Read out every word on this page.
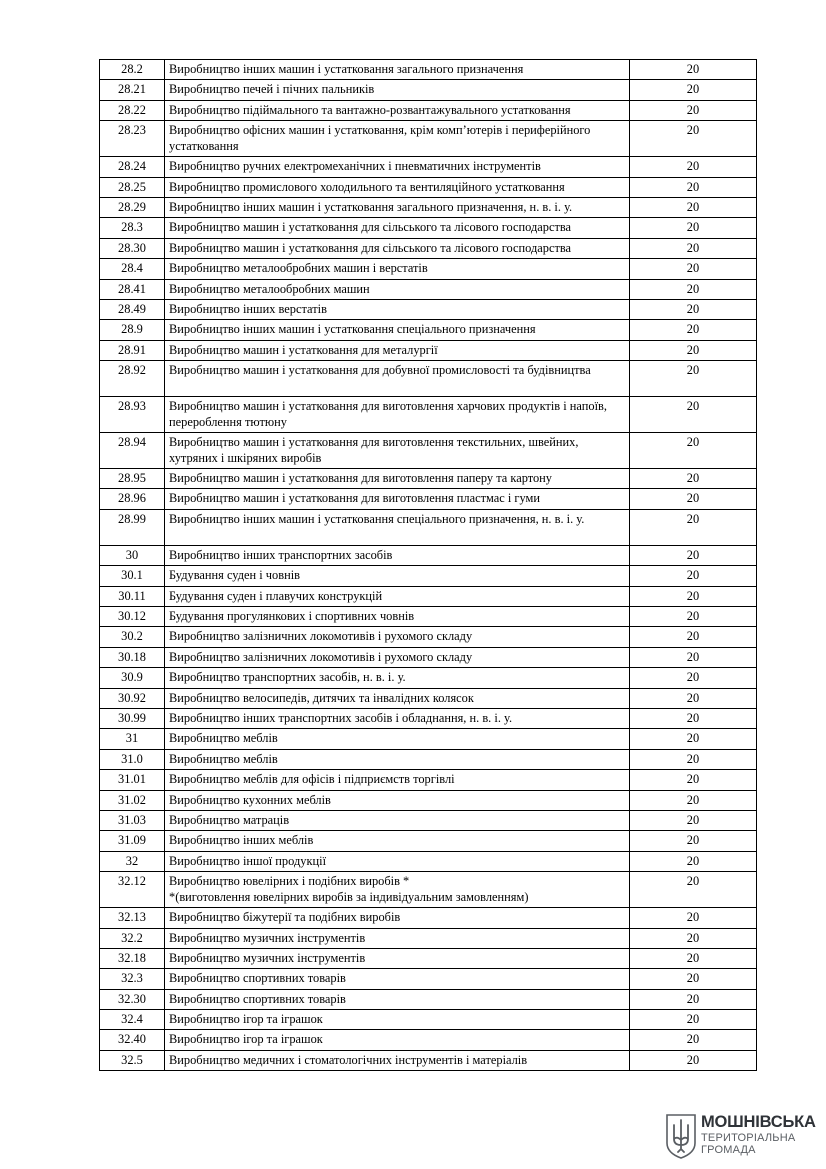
28.2	Виробництво інших машин і устатковання загального призначення	20
28.21	Виробництво печей і пічних пальників	20
28.22	Виробництво підіймального та вантажно-розвантажувального устатковання	20
28.23	Виробництво офісних машин і устатковання, крім комп’ютерів і периферійного устатковання	20
28.24	Виробництво ручних електромеханічних і пневматичних інструментів	20
28.25	Виробництво промислового холодильного та вентиляційного устатковання	20
28.29	Виробництво інших машин і устатковання загального призначення, н. в. і. у.	20
28.3	Виробництво машин і устатковання для сільського та лісового господарства	20
28.30	Виробництво машин і устатковання для сільського та лісового господарства	20
28.4	Виробництво металообробних машин і верстатів	20
28.41	Виробництво металообробних машин	20
28.49	Виробництво інших верстатів	20
28.9	Виробництво інших машин і устатковання спеціального призначення	20
28.91	Виробництво машин і устатковання для металургії	20
28.92	Виробництво машин і устатковання для добувної промисловості та будівництва	20
28.93	Виробництво машин і устатковання для виготовлення харчових продуктів і напоїв, перероблення тютюну	20
28.94	Виробництво машин і устатковання для виготовлення текстильних, швейних, хутряних і шкіряних виробів	20
28.95	Виробництво машин і устатковання для виготовлення паперу та картону	20
28.96	Виробництво машин і устатковання для виготовлення пластмас і гуми	20
28.99	Виробництво інших машин і устатковання спеціального призначення, н. в. і. у.	20
30	Виробництво інших транспортних засобів	20
30.1	Будування суден і човнів	20
30.11	Будування суден і плавучих конструкцій	20
30.12	Будування прогулянкових і спортивних човнів	20
30.2	Виробництво залізничних локомотивів і рухомого складу	20
30.18	Виробництво залізничних локомотивів і рухомого складу	20
30.9	Виробництво транспортних засобів, н. в. і. у.	20
30.92	Виробництво велосипедів, дитячих та інвалідних колясок	20
30.99	Виробництво інших транспортних засобів і обладнання, н. в. і. у.	20
31	Виробництво меблів	20
31.0	Виробництво меблів	20
31.01	Виробництво меблів для офісів і підприємств торгівлі	20
31.02	Виробництво кухонних меблів	20
31.03	Виробництво матраців	20
31.09	Виробництво інших меблів	20
32	Виробництво іншої продукції	20
32.12	Виробництво ювелірних і подібних виробів *
*(виготовлення ювелірних виробів за індивідуальним замовленням)	20
32.13	Виробництво біжутерії та подібних виробів	20
32.2	Виробництво музичних інструментів	20
32.18	Виробництво музичних інструментів	20
32.3	Виробництво спортивних товарів	20
32.30	Виробництво спортивних товарів	20
32.4	Виробництво ігор та іграшок	20
32.40	Виробництво ігор та іграшок	20
32.5	Виробництво медичних і стоматологічних інструментів і матеріалів	20
МОШНІВСЬКА
ТЕРИТОРІАЛЬНА
ГРОМАДА
